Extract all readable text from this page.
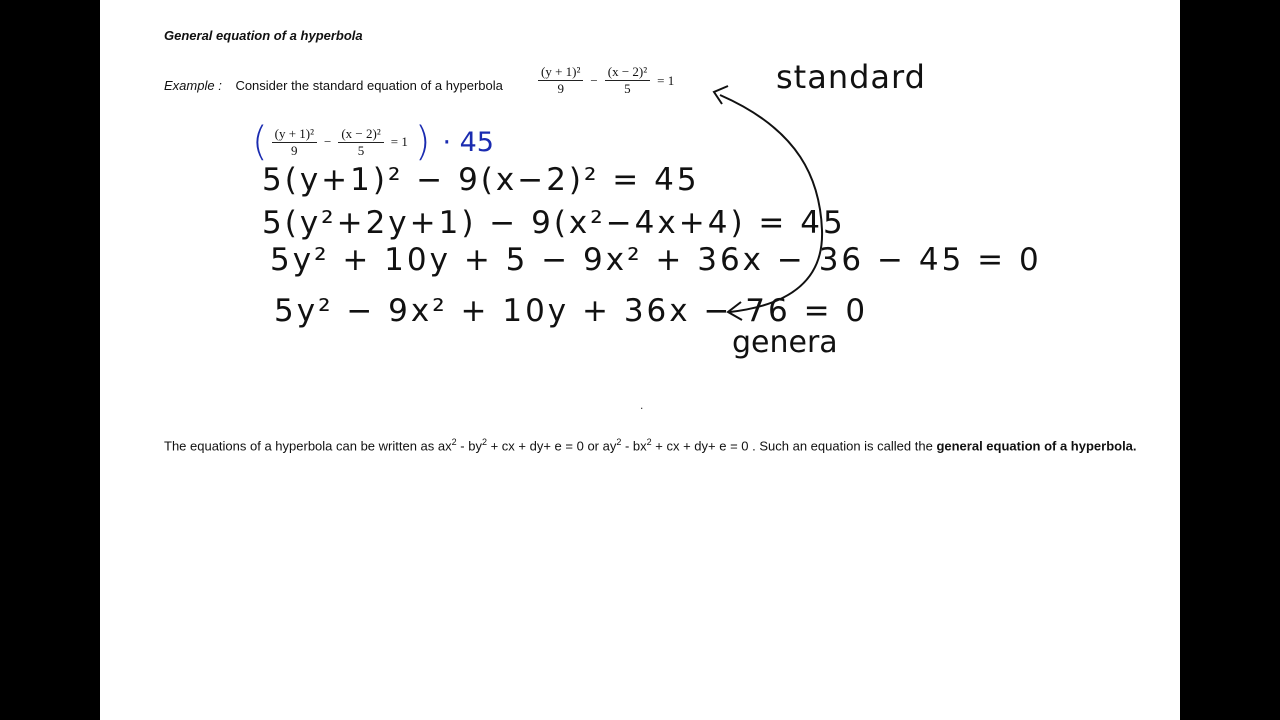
General equation of a hyperbola
Example : Consider the standard equation of a hyperbola	$\frac{\text{(y + 1)²}}{9} - \frac{\text{(x − 2)²}}{5} = 1$
( $\frac{\text{(y + 1)²}}{9} - \frac{\text{(x − 2)²}}{5} = 1$ ) · 45
5(y+1)² − 9(x−2)² = 45
5(y²+2y+1) − 9(x²−4x+4) = 45
5y² + 10y + 5 − 9x² + 36x − 36 − 45 = 0
5y² − 9x² + 10y + 36x − 76 = 0
standard
genera
.
The equations of a hyperbola can be written as $ax^2 - by^2$ + cx + dy+ e = 0 or $ay^2 - bx^2$ + cx + dy+ e = 0 . Such an equation is called the general equation of a hyperbola.
